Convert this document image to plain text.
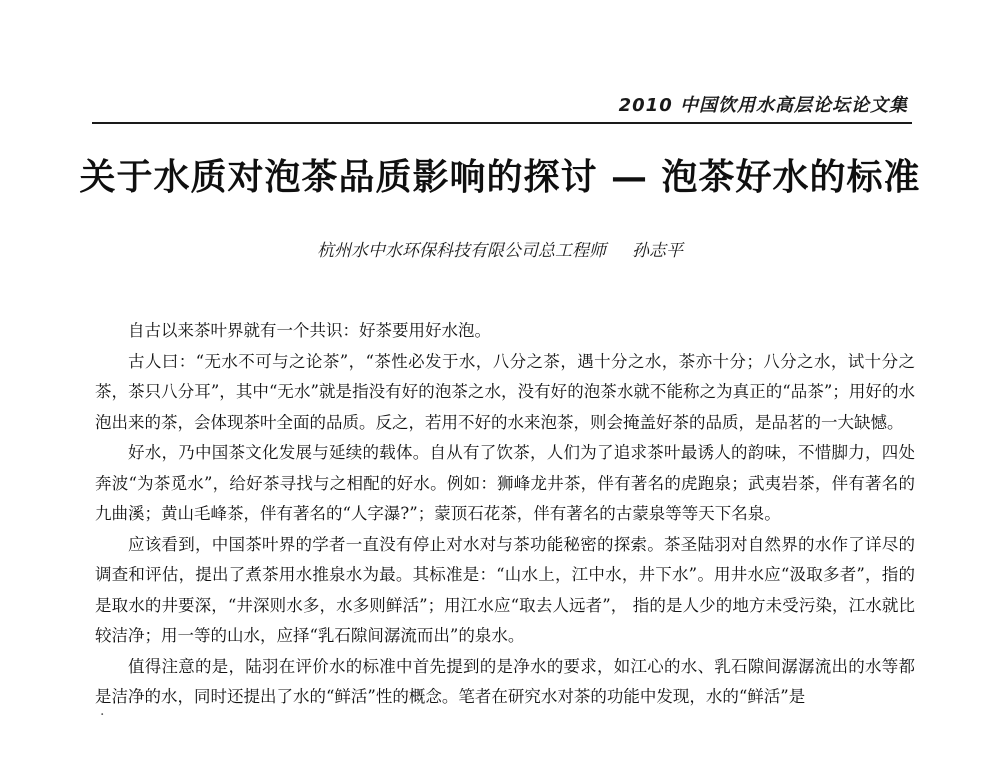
2010 中国饮用水高层论坛论文集
关于水质对泡茶品质影响的探讨 — 泡茶好水的标准
杭州水中水环保科技有限公司总工程师 孙志平

自古以来茶叶界就有一个共识：好茶要用好水泡。

古人曰：“无水不可与之论茶”，“茶性必发于水，八分之茶，遇十分之水，茶亦十分；八分之水，试十分之茶，茶只八分耳”，其中“无水”就是指没有好的泡茶之水，没有好的泡茶水就不能称之为真正的“品茶”；用好的水泡出来的茶，会体现茶叶全面的品质。反之，若用不好的水来泡茶，则会掩盖好茶的品质，是品茗的一大缺憾。

好水，乃中国茶文化发展与延续的载体。自从有了饮茶，人们为了追求茶叶最诱人的韵味，不惜脚力，四处奔波“为茶觅水”，给好茶寻找与之相配的好水。例如：狮峰龙井茶，伴有著名的虎跑泉；武夷岩茶，伴有著名的九曲溪；黄山毛峰茶，伴有著名的“人字瀑?”；蒙顶石花茶，伴有著名的古蒙泉等等天下名泉。

应该看到，中国茶叶界的学者一直没有停止对水对与茶功能秘密的探索。茶圣陆羽对自然界的水作了详尽的调查和评估，提出了煮茶用水推泉水为最。其标准是：“山水上，江中水，井下水”。用井水应“汲取多者”，指的是取水的井要深，“井深则水多，水多则鲜活”；用江水应“取去人远者”， 指的是人少的地方未受污染，江水就比较洁净；用一等的山水，应择“乳石隙间潺流而出”的泉水。

值得注意的是，陆羽在评价水的标准中首先提到的是净水的要求，如江心的水、乳石隙间潺潺流出的水等都是洁净的水，同时还提出了水的“鲜活”性的概念。笔者在研究水对茶的功能中发现，水的“鲜活”是

·
